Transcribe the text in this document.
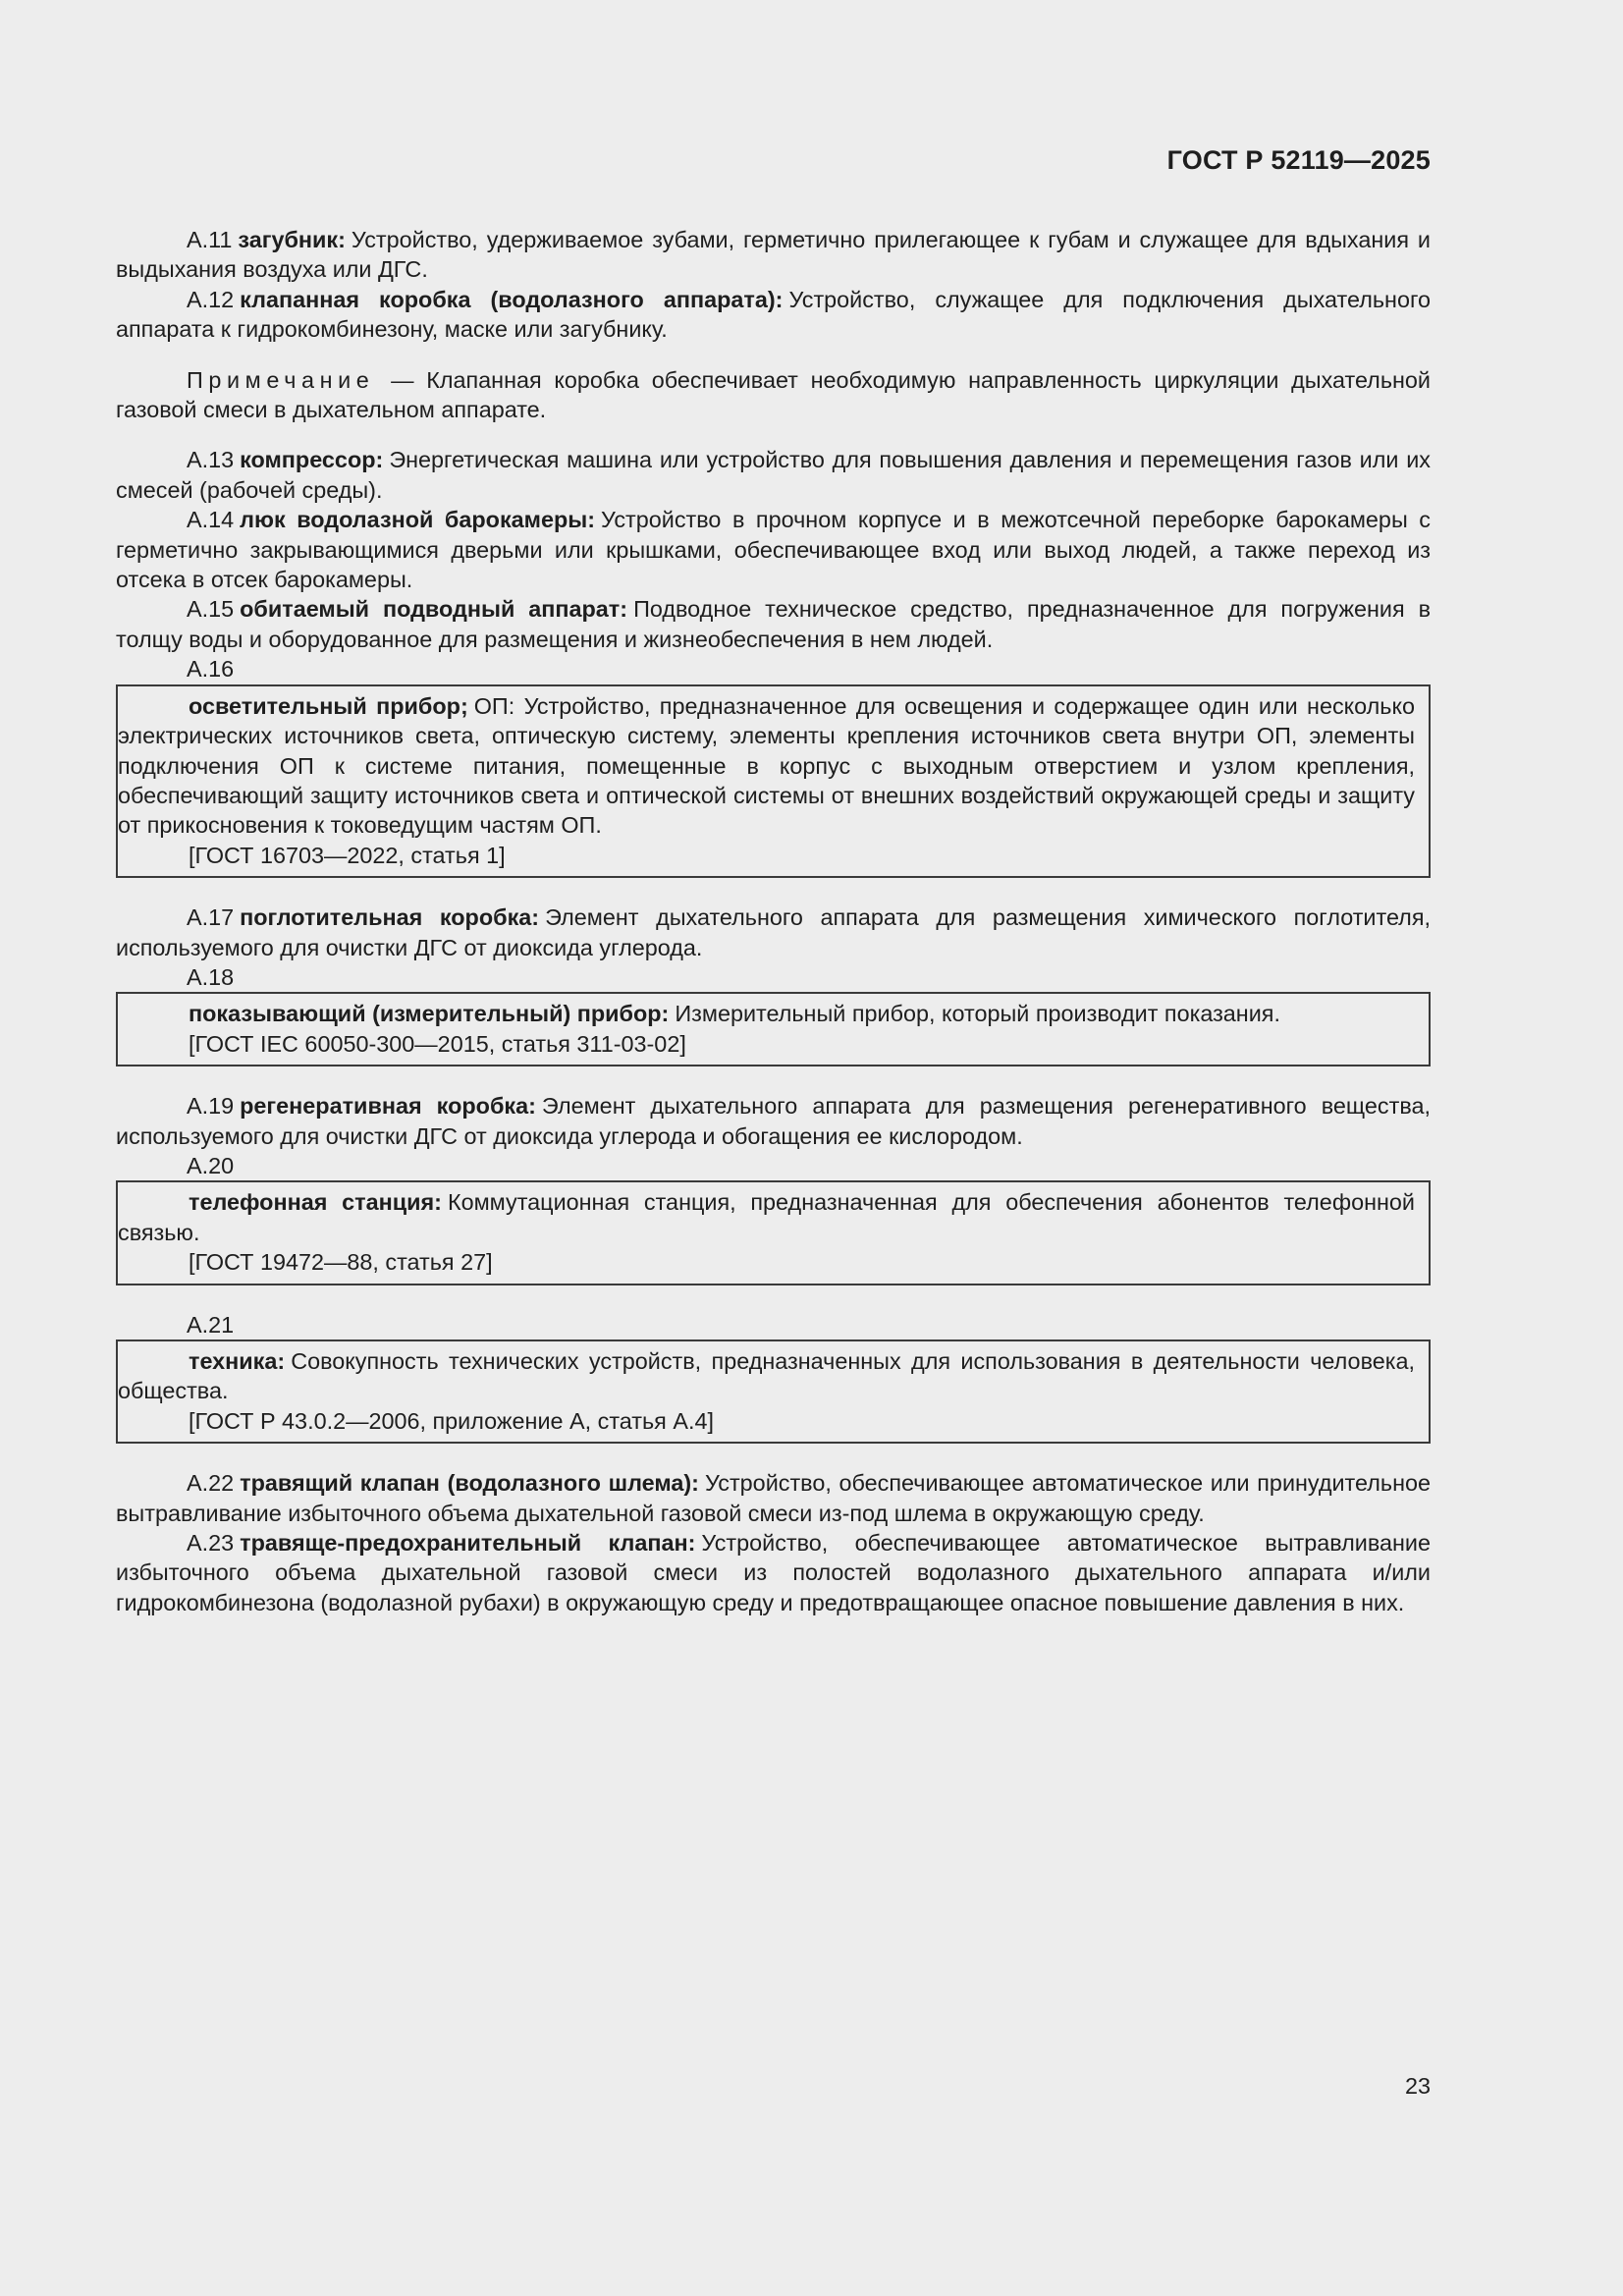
ГОСТ Р 52119—2025

А.11 загубник: Устройство, удерживаемое зубами, герметично прилегающее к губам и служащее для вдыхания и выдыхания воздуха или ДГС.

А.12 клапанная коробка (водолазного аппарата): Устройство, служащее для подключения дыхательного аппарата к гидрокомбинезону, маске или загубнику.

Примечание — Клапанная коробка обеспечивает необходимую направленность циркуляции дыхательной газовой смеси в дыхательном аппарате.

А.13 компрессор: Энергетическая машина или устройство для повышения давления и перемещения газов или их смесей (рабочей среды).

А.14 люк водолазной барокамеры: Устройство в прочном корпусе и в межотсечной переборке барокамеры с герметично закрывающимися дверьми или крышками, обеспечивающее вход или выход людей, а также переход из отсека в отсек барокамеры.

А.15 обитаемый подводный аппарат: Подводное техническое средство, предназначенное для погружения в толщу воды и оборудованное для размещения и жизнеобеспечения в нем людей.

А.16

осветительный прибор; ОП: Устройство, предназначенное для освещения и содержащее один или несколько электрических источников света, оптическую систему, элементы крепления источников света внутри ОП, элементы подключения ОП к системе питания, помещенные в корпус с выходным отверстием и узлом крепления, обеспечивающий защиту источников света и оптической системы от внешних воздействий окружающей среды и защиту от прикосновения к токоведущим частям ОП.

[ГОСТ 16703—2022, статья 1]

А.17 поглотительная коробка: Элемент дыхательного аппарата для размещения химического поглотителя, используемого для очистки ДГС от диоксида углерода.

А.18

показывающий (измерительный) прибор: Измерительный прибор, который производит показания.

[ГОСТ IEC 60050-300—2015, статья 311-03-02]

А.19 регенеративная коробка: Элемент дыхательного аппарата для размещения регенеративного вещества, используемого для очистки ДГС от диоксида углерода и обогащения ее кислородом.

А.20

телефонная станция: Коммутационная станция, предназначенная для обеспечения абонентов телефонной связью.

[ГОСТ 19472—88, статья 27]

А.21

техника: Совокупность технических устройств, предназначенных для использования в деятельности человека, общества.

[ГОСТ Р 43.0.2—2006, приложение А, статья А.4]

А.22 травящий клапан (водолазного шлема): Устройство, обеспечивающее автоматическое или принудительное вытравливание избыточного объема дыхательной газовой смеси из-под шлема в окружающую среду.

А.23 травяще-предохранительный клапан: Устройство, обеспечивающее автоматическое вытравливание избыточного объема дыхательной газовой смеси из полостей водолазного дыхательного аппарата и/или гидрокомбинезона (водолазной рубахи) в окружающую среду и предотвращающее опасное повышение давления в них.

23
